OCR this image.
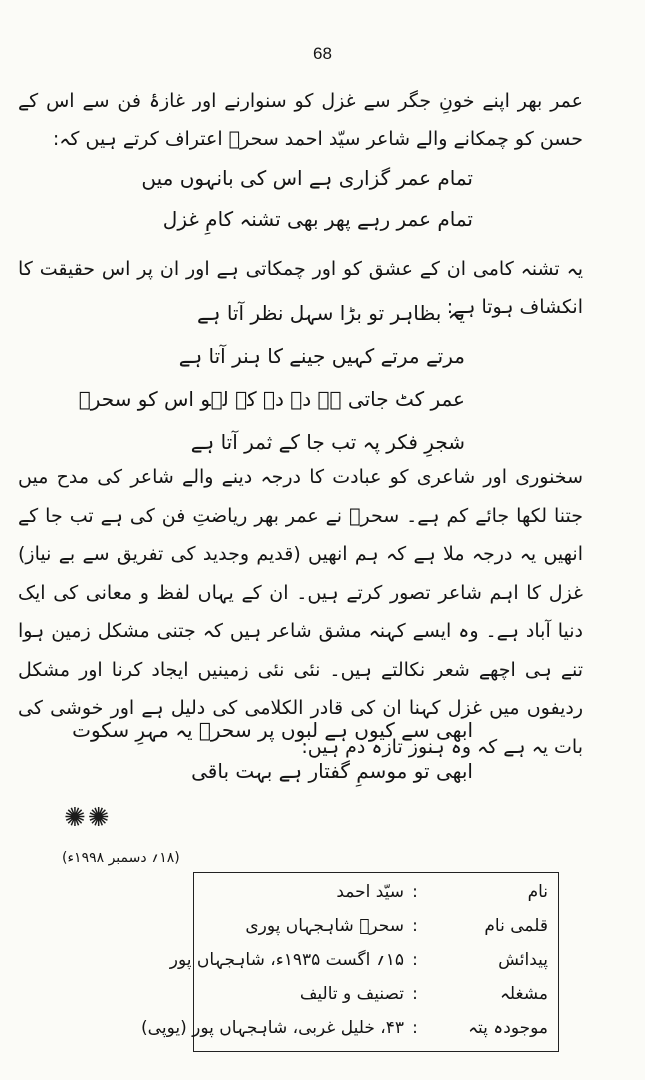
68

عمر بھر اپنے خونِ جگر سے غزل کو سنوارنے اور غازۂ فن سے اس کے حسن کو چمکانے والے شاعر سیّد احمد سحرؔ اعتراف کرتے ہیں کہ:

تمام عمر گزاری ہے اس کی بانہوں میں
تمام عمر رہے پھر بھی تشنہ کامِ غزل

یہ تشنہ کامی ان کے عشق کو اور چمکاتی ہے اور ان پر اس حقیقت کا انکشاف ہوتا ہے:

یہ بظاہر تو بڑا سہل نظر آتا ہے
مرتے مرتے کہیں جینے کا ہنر آتا ہے
عمر کٹ جاتی ہے دے دے کے لہو اس کو سحرؔ
شجرِ فکر پہ تب جا کے ثمر آتا ہے

سخنوری اور شاعری کو عبادت کا درجہ دینے والے شاعر کی مدح میں جتنا لکھا جائے کم ہے۔ سحرؔ نے عمر بھر ریاضتِ فن کی ہے تب جا کے انھیں یہ درجہ ملا ہے کہ ہم انھیں (قدیم وجدید کی تفریق سے بے نیاز) غزل کا اہم شاعر تصور کرتے ہیں۔ ان کے یہاں لفظ و معانی کی ایک دنیا آباد ہے۔ وہ ایسے کہنہ مشق شاعر ہیں کہ جتنی مشکل زمین ہوا تنے ہی اچھے شعر نکالتے ہیں۔ نئی نئی زمینیں ایجاد کرنا اور مشکل ردیفوں میں غزل کہنا ان کی قادر الکلامی کی دلیل ہے اور خوشی کی بات یہ ہے کہ وہ ہنوز تازہ دم ہیں:

ابھی سے کیوں ہے لبوں پر سحرؔ یہ مہرِ سکوت
ابھی تو موسمِ گفتار ہے بہت باقی
✺✺
(۱۸؍ دسمبر ۱۹۹۸ء)
نام
:
سیّد احمد
قلمی نام
:
سحرؔ شاہجہاں پوری
پیدائش
:
۱۵؍ اگست ۱۹۳۵ء، شاہجہاں پور
مشغلہ
:
تصنیف و تالیف
موجودہ پتہ
:
۴۳، خلیل غربی، شاہجہاں پور (یوپی)
